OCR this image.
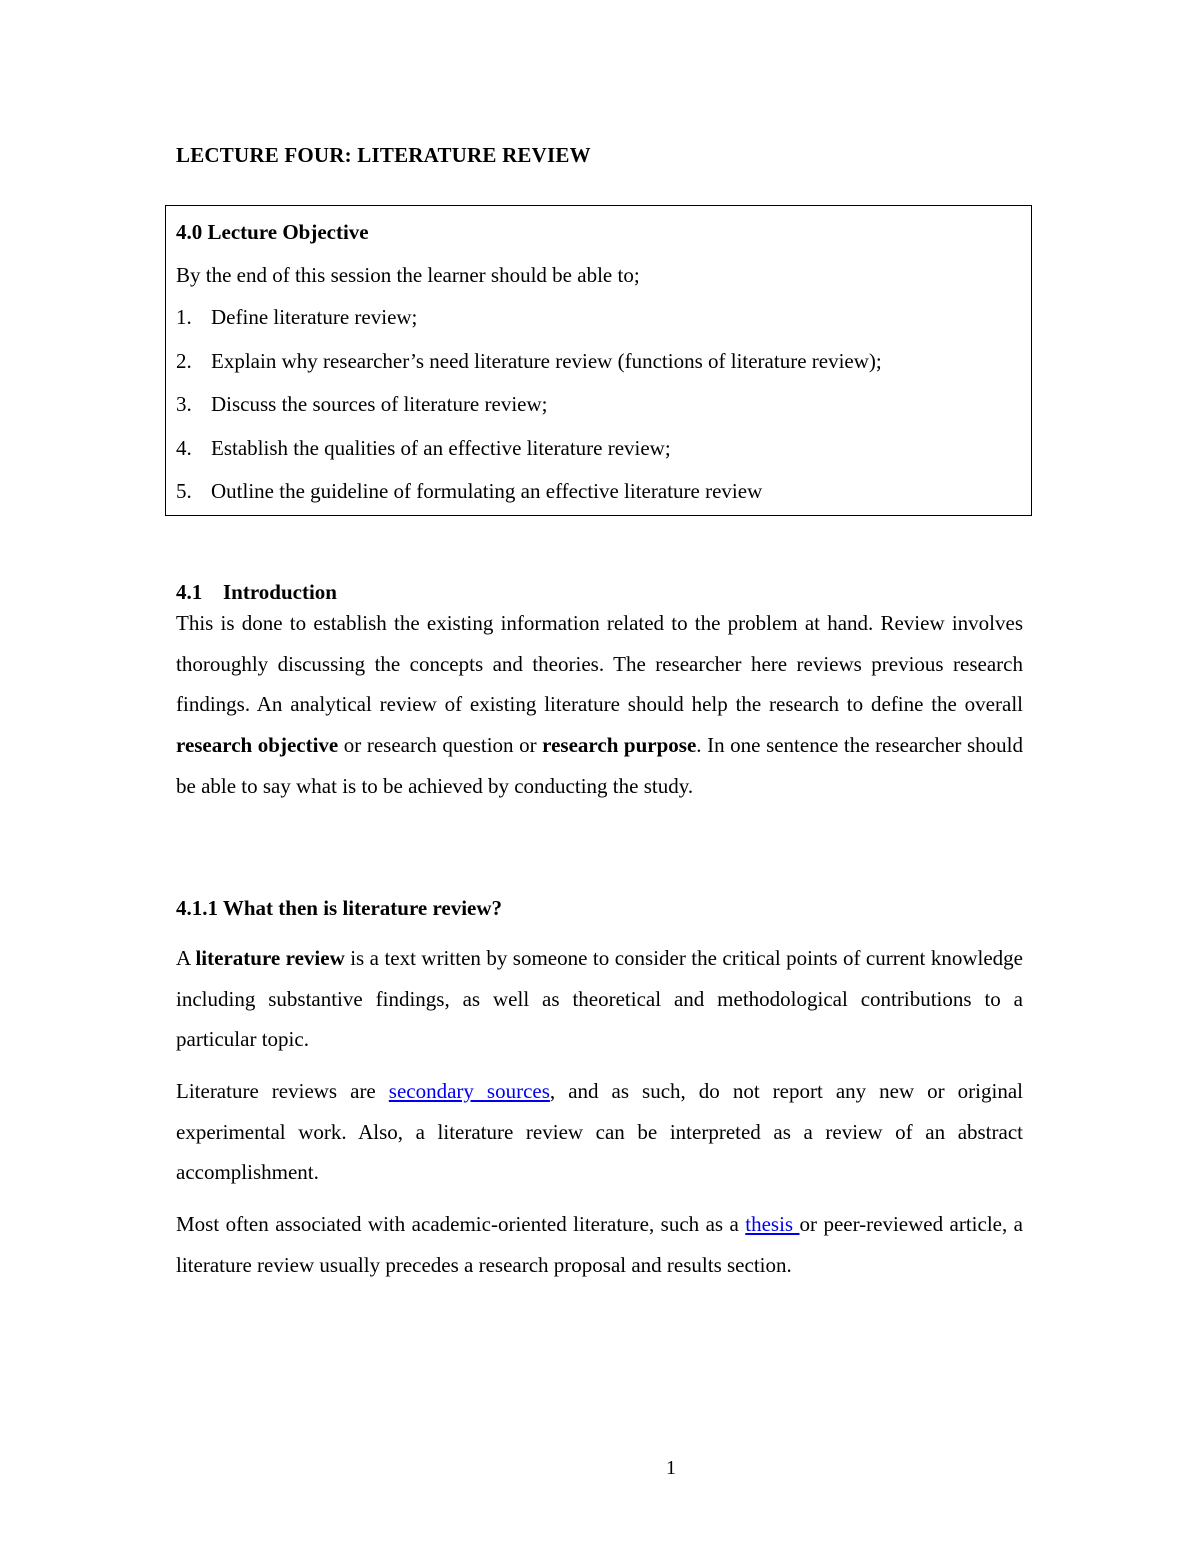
LECTURE FOUR: LITERATURE REVIEW
4.0 Lecture Objective
By the end of this session the learner should be able to;
1. Define literature review;
2. Explain why researcher’s need literature review (functions of literature review);
3. Discuss the sources of literature review;
4. Establish the qualities of an effective literature review;
5. Outline the guideline of formulating an effective literature review
4.1 Introduction

This is done to establish the existing information related to the problem at hand. Review involves thoroughly discussing the concepts and theories. The researcher here reviews previous research findings. An analytical review of existing literature should help the research to define the overall research objective or research question or research purpose. In one sentence the researcher should be able to say what is to be achieved by conducting the study.

4.1.1 What then is literature review?

A literature review is a text written by someone to consider the critical points of current knowledge including substantive findings, as well as theoretical and methodological contributions to a particular topic.

Literature reviews are secondary sources, and as such, do not report any new or original experimental work. Also, a literature review can be interpreted as a review of an abstract accomplishment.

Most often associated with academic-oriented literature, such as a thesis or peer-reviewed article, a literature review usually precedes a research proposal and results section.

1
